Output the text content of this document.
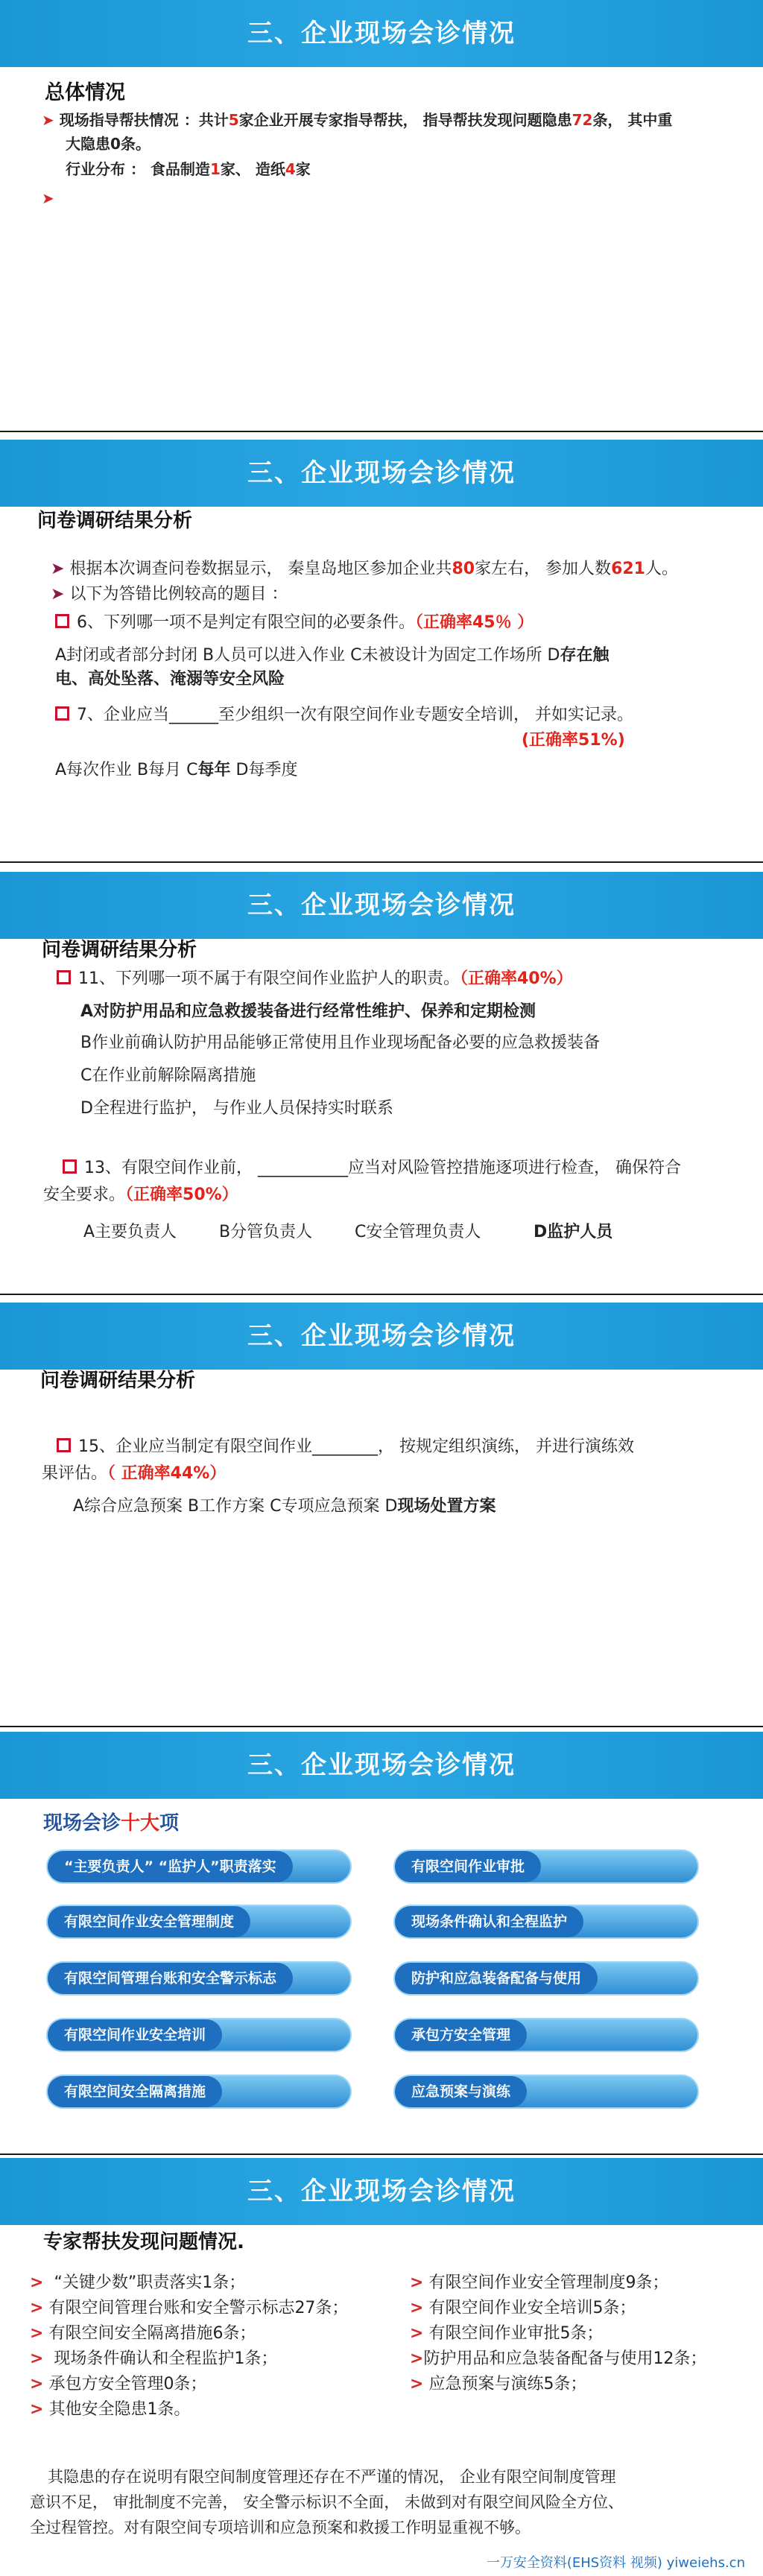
三、企业现场会诊情况
总体情况
➤ 现场指导帮扶情况 ：共计5家企业开展专家指导帮扶， 指导帮扶发现问题隐患72条， 其中重
大隐患0条。
行业分布 ： 食品制造1家、 造纸4家
➤
三、企业现场会诊情况
问卷调研结果分析
➤ 根据本次调查问卷数据显示， 秦皇岛地区参加企业共80家左右， 参加人数621人。
➤ 以下为答错比例较高的题目 ：
6、下列哪一项不是判定有限空间的必要条件。（正确率45％ ）
A封闭或者部分封闭 B人员可以进入作业 C未被设计为固定工作场所 D存在触
电、高处坠落、淹溺等安全风险
7、企业应当______至少组织一次有限空间作业专题安全培训， 并如实记录。
(正确率51%)
A每次作业 B每月 C每年 D每季度
三、企业现场会诊情况
问卷调研结果分析
11、下列哪一项不属于有限空间作业监护人的职责。（正确率40%）
A对防护用品和应急救援装备进行经常性维护、保养和定期检测
B作业前确认防护用品能够正常使用且作业现场配备必要的应急救援装备
C在作业前解除隔离措施
D全程进行监护， 与作业人员保持实时联系
13、有限空间作业前， ___________应当对风险管控措施逐项进行检查， 确保符合
安全要求。（正确率50%）
A主要负责人	B分管负责人	C安全管理负责人	D监护人员
三、企业现场会诊情况
问卷调研结果分析
15、企业应当制定有限空间作业________， 按规定组织演练， 并进行演练效
果评估。（ 正确率44%）
A综合应急预案 B工作方案 C专项应急预案 D现场处置方案
三、企业现场会诊情况
现场会诊十大项
“主要负责人” “监护人”职责落实
有限空间作业安全管理制度
有限空间管理台账和安全警示标志
有限空间作业安全培训
有限空间安全隔离措施
有限空间作业审批
现场条件确认和全程监护
防护和应急装备配备与使用
承包方安全管理
应急预案与演练
三、企业现场会诊情况
专家帮扶发现问题情况.
> “关键少数”职责落实1条；
> 有限空间管理台账和安全警示标志27条；
> 有限空间安全隔离措施6条；
>  现场条件确认和全程监护1条；
> 承包方安全管理0条；
> 其他安全隐患1条。
> 有限空间作业安全管理制度9条；
> 有限空间作业安全培训5条；
> 有限空间作业审批5条；
>防护用品和应急装备配备与使用12条；
> 应急预案与演练5条；
其隐患的存在说明有限空间制度管理还存在不严谨的情况， 企业有限空间制度管理
意识不足， 审批制度不完善， 安全警示标识不全面， 未做到对有限空间风险全方位、
全过程管控。对有限空间专项培训和应急预案和救援工作明显重视不够。
一万安全资料(EHS资料 视频) yiweiehs.cn
